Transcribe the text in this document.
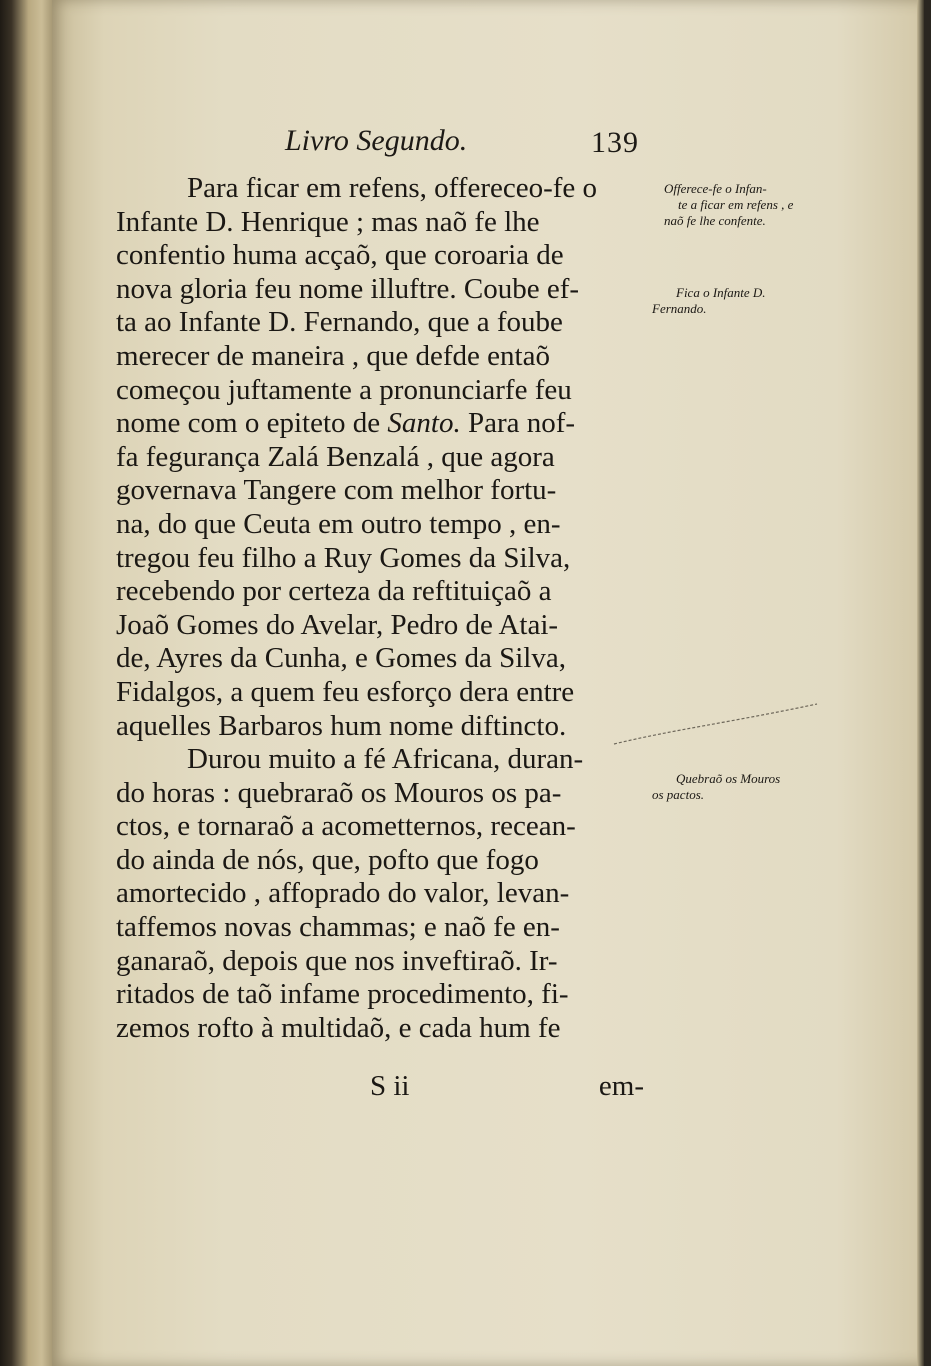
Livro Segundo.	139
Para ficar em refens, offereceo-fe o
Infante D. Henrique ; mas naõ fe lhe
confentio huma acçaõ, que coroaria de
nova gloria feu nome illuftre. Coube ef-
ta ao Infante D. Fernando, que a foube
merecer de maneira , que defde entaõ
começou juftamente a pronunciarfe feu
nome com o epiteto de Santo. Para nof-
fa fegurança Zalá Benzalá , que agora
governava Tangere com melhor fortu-
na, do que Ceuta em outro tempo , en-
tregou feu filho a Ruy Gomes da Silva,
recebendo por certeza da reftituiçaõ a
Joaõ Gomes do Avelar, Pedro de Atai-
de, Ayres da Cunha, e Gomes da Silva,
Fidalgos, a quem feu esforço dera entre
aquelles Barbaros hum nome diftincto.
Durou muito a fé Africana, duran-
do horas : quebraraõ os Mouros os pa-
ctos, e tornaraõ a acometternos, recean-
do ainda de nós, que, pofto que fogo
amortecido , affoprado do valor, levan-
taffemos novas chammas; e naõ fe en-
ganaraõ, depois que nos inveftiraõ. Ir-
ritados de taõ infame procedimento, fi-
zemos rofto à multidaõ, e cada hum fe
S ii	em-
Offerece-fe o Infan-
te a ficar em refens , e
naõ fe lhe confente.
Fica o Infante D.
Fernando.
Quebraõ os Mouros
os pactos.
